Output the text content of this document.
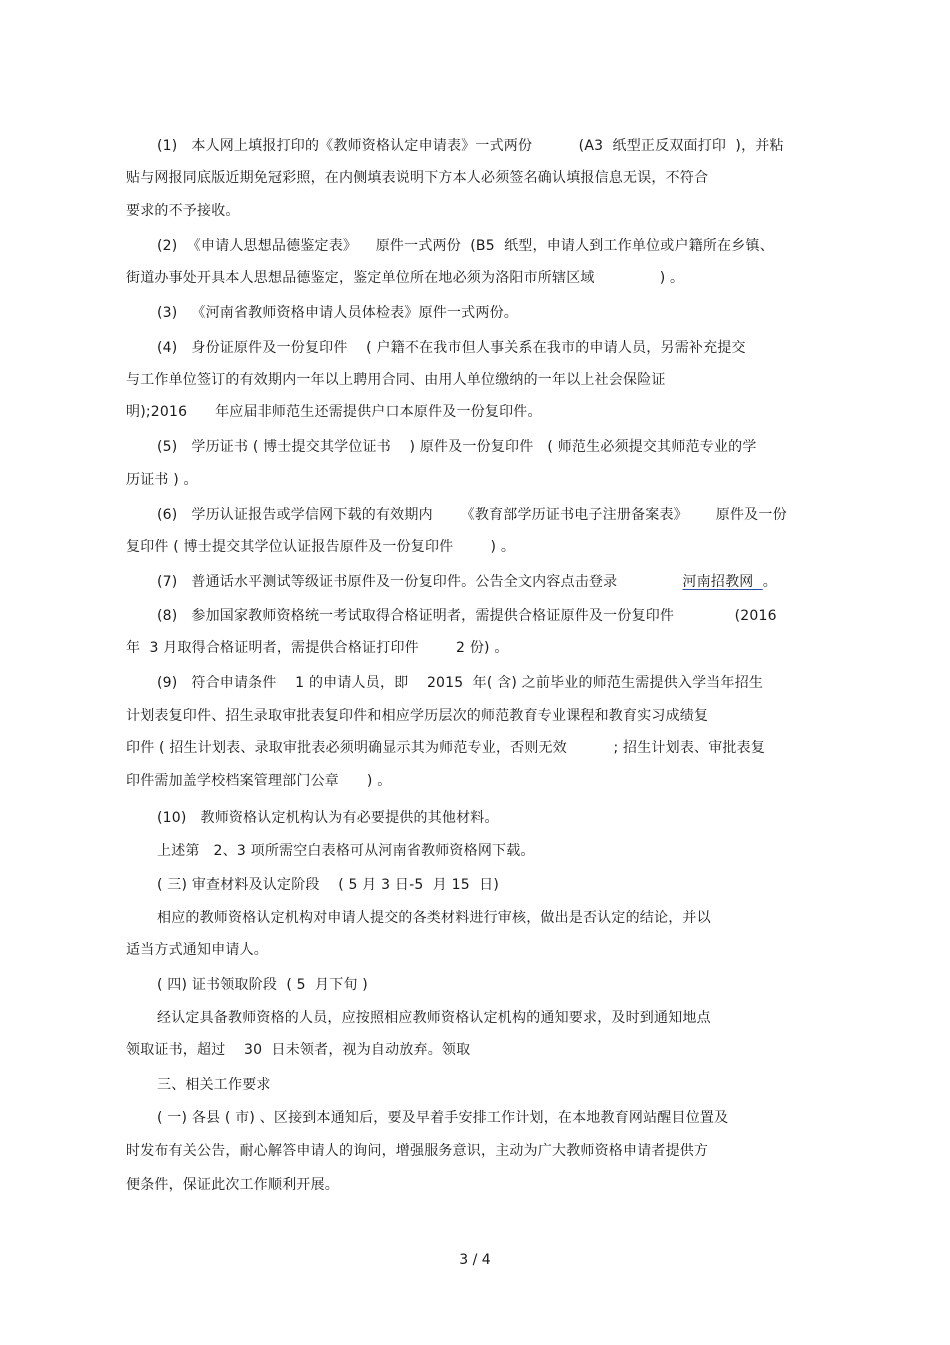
(1)   本人网上填报打印的《教师资格认定申请表》一式两份          (A3  纸型正反双面打印  )，并粘
贴与网报同底版近期免冠彩照，在内侧填表说明下方本人必须签名确认填报信息无误，不符合
要求的不予接收。
(2)  《申请人思想品德鉴定表》    原件一式两份  (B5  纸型，申请人到工作单位或户籍所在乡镇、
街道办事处开具本人思想品德鉴定，鉴定单位所在地必须为洛阳市所辖区域              ) 。
(3)   《河南省教师资格申请人员体检表》原件一式两份。
(4)   身份证原件及一份复印件    ( 户籍不在我市但人事关系在我市的申请人员，另需补充提交
与工作单位签订的有效期内一年以上聘用合同、由用人单位缴纳的一年以上社会保险证
明);2016      年应届非师范生还需提供户口本原件及一份复印件。
(5)   学历证书 ( 博士提交其学位证书    ) 原件及一份复印件   ( 师范生必须提交其师范专业的学
历证书 ) 。
(6)   学历认证报告或学信网下载的有效期内      《教育部学历证书电子注册备案表》      原件及一份
复印件 ( 博士提交其学位认证报告原件及一份复印件        ) 。
(7)   普通话水平测试等级证书原件及一份复印件。公告全文内容点击登录              河南招教网  。
(8)   参加国家教师资格统一考试取得合格证明者，需提供合格证原件及一份复印件             (2016
年  3 月取得合格证明者，需提供合格证打印件        2 份) 。
(9)   符合申请条件    1 的申请人员，即    2015  年( 含) 之前毕业的师范生需提供入学当年招生
计划表复印件、招生录取审批表复印件和相应学历层次的师范教育专业课程和教育实习成绩复
印件 ( 招生计划表、录取审批表必须明确显示其为师范专业，否则无效          ; 招生计划表、审批表复
印件需加盖学校档案管理部门公章      ) 。
(10)   教师资格认定机构认为有必要提供的其他材料。
上述第   2、3 项所需空白表格可从河南省教师资格网下载。
( 三) 审查材料及认定阶段    ( 5 月 3 日-5  月 15  日)
相应的教师资格认定机构对申请人提交的各类材料进行审核，做出是否认定的结论，并以
适当方式通知申请人。
( 四) 证书领取阶段  ( 5  月下旬 )
经认定具备教师资格的人员，应按照相应教师资格认定机构的通知要求，及时到通知地点
领取证书，超过    30  日未领者，视为自动放弃。领取
三、相关工作要求
( 一) 各县 ( 市) 、区接到本通知后，要及早着手安排工作计划，在本地教育网站醒目位置及
时发布有关公告，耐心解答申请人的询问，增强服务意识，主动为广大教师资格申请者提供方
便条件，保证此次工作顺利开展。
3 / 4
